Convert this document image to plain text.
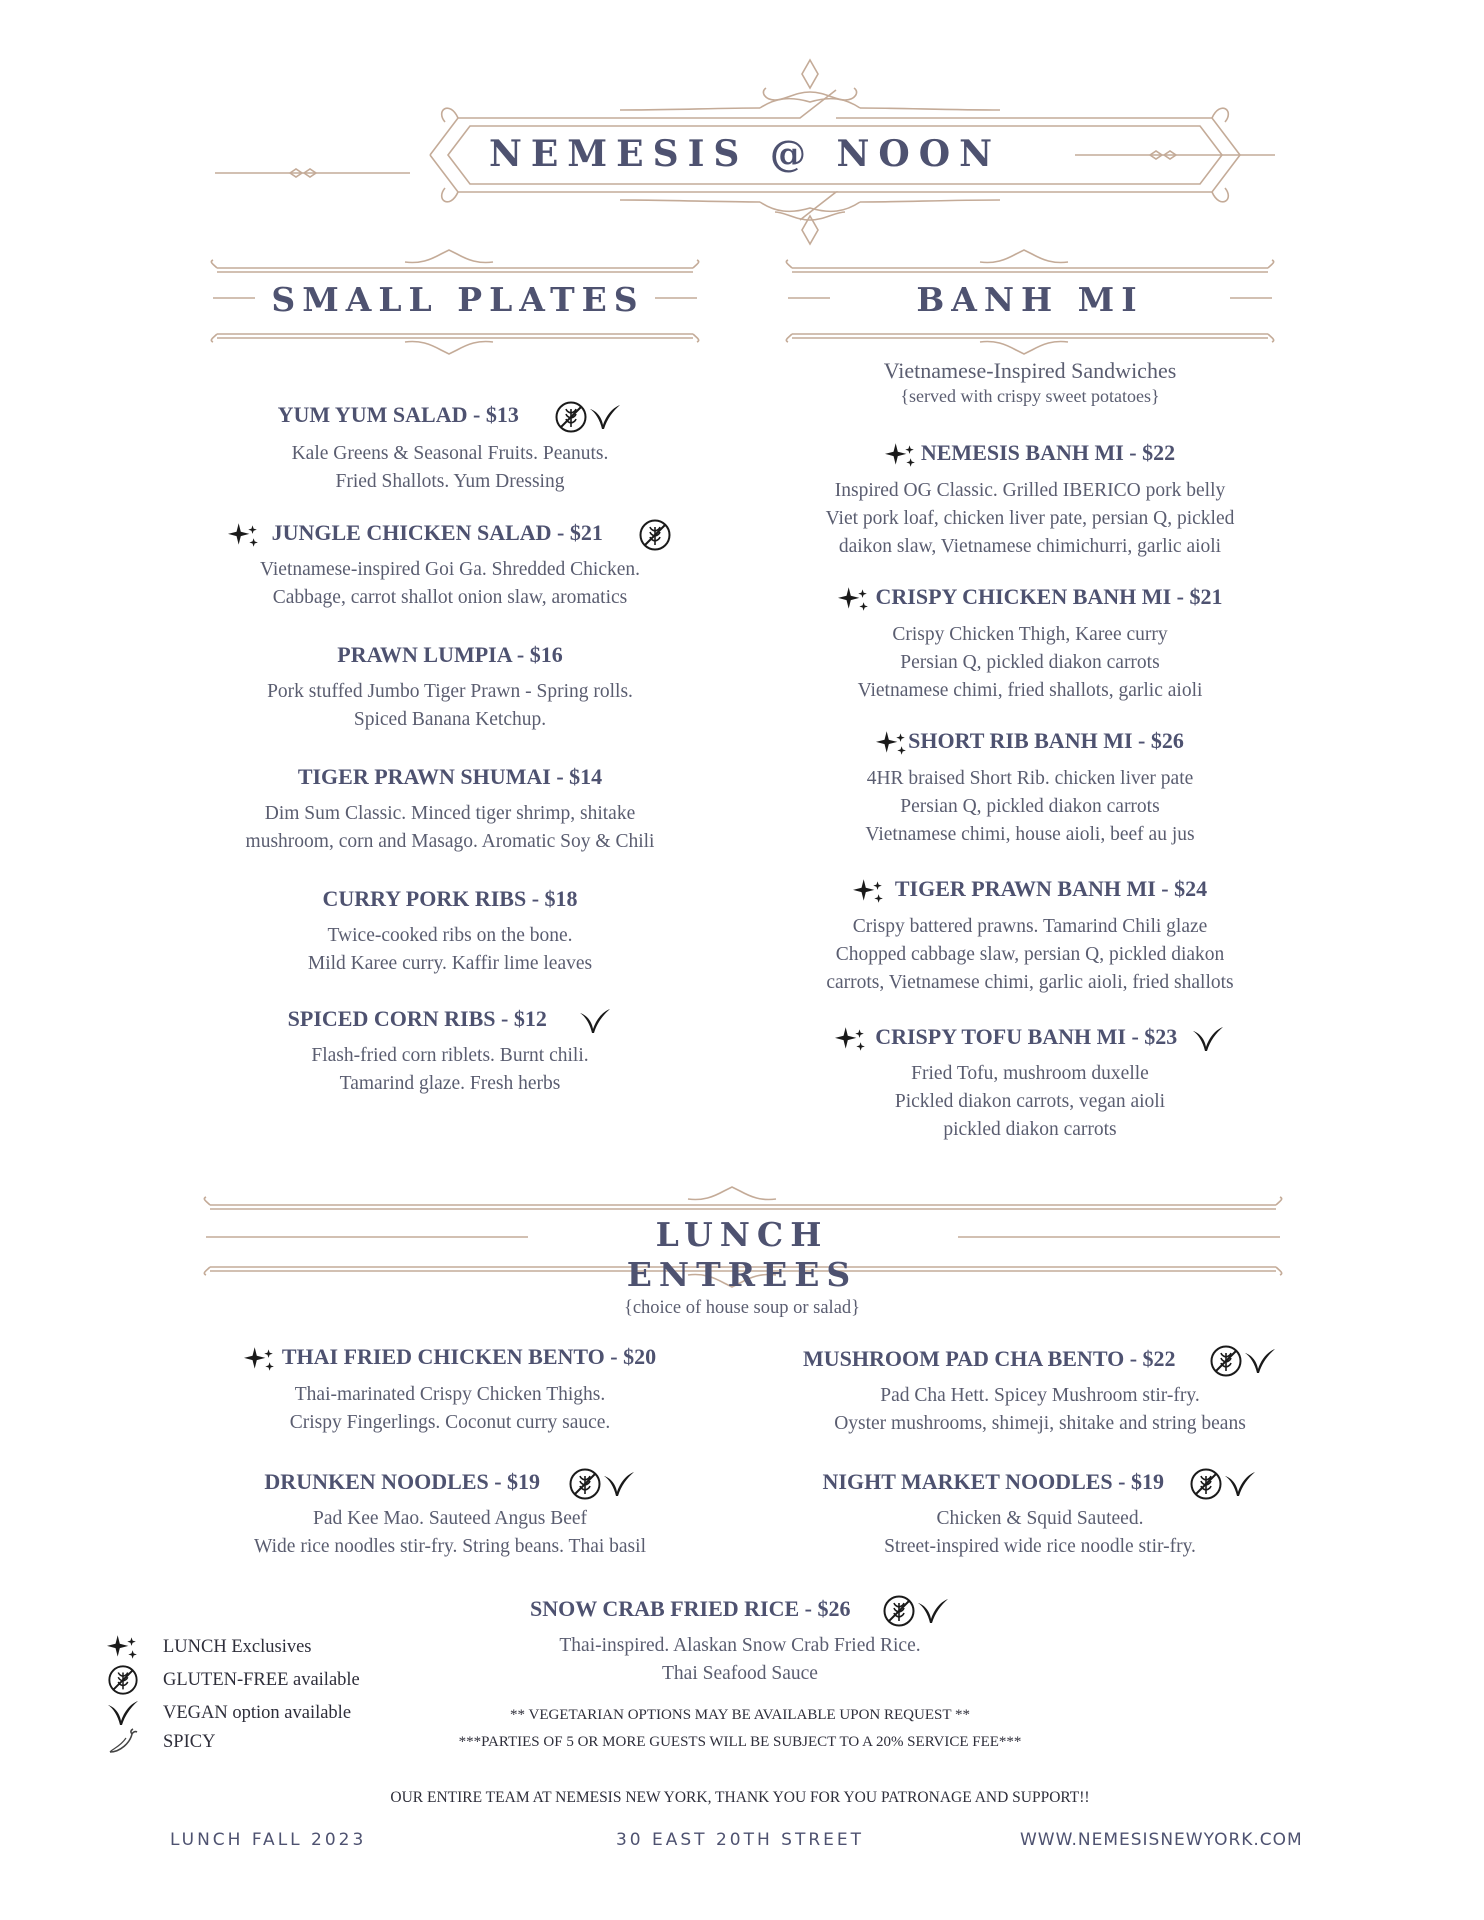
NEMESIS @ NOON
SMALL PLATES	BANH MI
Vietnamese-Inspired Sandwiches
{served with crispy sweet potatoes}
YUM YUM SALAD - $13
Kale Greens & Seasonal Fruits. Peanuts.
Fried Shallots. Yum Dressing
JUNGLE CHICKEN SALAD - $21
Vietnamese-inspired Goi Ga. Shredded Chicken.
Cabbage, carrot shallot onion slaw, aromatics
PRAWN LUMPIA - $16
Pork stuffed Jumbo Tiger Prawn - Spring rolls.
Spiced Banana Ketchup.
TIGER PRAWN SHUMAI - $14
Dim Sum Classic. Minced tiger shrimp, shitake
mushroom, corn and Masago. Aromatic Soy & Chili
CURRY PORK RIBS - $18
Twice-cooked ribs on the bone.
Mild Karee curry. Kaffir lime leaves
SPICED CORN RIBS - $12
Flash-fried corn riblets. Burnt chili.
Tamarind glaze. Fresh herbs
NEMESIS BANH MI - $22
Inspired OG Classic. Grilled IBERICO pork belly
Viet pork loaf, chicken liver pate, persian Q, pickled
daikon slaw, Vietnamese chimichurri, garlic aioli
CRISPY CHICKEN BANH MI - $21
Crispy Chicken Thigh, Karee curry
Persian Q, pickled diakon carrots
Vietnamese chimi, fried shallots, garlic aioli
SHORT RIB BANH MI - $26
4HR braised Short Rib. chicken liver pate
Persian Q, pickled diakon carrots
Vietnamese chimi, house aioli, beef au jus
TIGER PRAWN BANH MI - $24
Crispy battered prawns. Tamarind Chili glaze
Chopped cabbage slaw, persian Q, pickled diakon
carrots, Vietnamese chimi, garlic aioli, fried shallots
CRISPY TOFU BANH MI - $23
Fried Tofu, mushroom duxelle
Pickled diakon carrots, vegan aioli
pickled diakon carrots
LUNCH ENTREES
{choice of house soup or salad}
THAI FRIED CHICKEN BENTO - $20
Thai-marinated Crispy Chicken Thighs.
Crispy Fingerlings. Coconut curry sauce.
MUSHROOM PAD CHA BENTO - $22
Pad Cha Hett. Spicey Mushroom stir-fry.
Oyster mushrooms, shimeji, shitake and string beans
DRUNKEN NOODLES - $19
Pad Kee Mao. Sauteed Angus Beef
Wide rice noodles stir-fry. String beans. Thai basil
NIGHT MARKET NOODLES - $19
Chicken & Squid Sauteed.
Street-inspired wide rice noodle stir-fry.
SNOW CRAB FRIED RICE - $26
Thai-inspired. Alaskan Snow Crab Fried Rice.
Thai Seafood Sauce
LUNCH Exclusives
GLUTEN-FREE available
VEGAN option available
SPICY
** VEGETARIAN OPTIONS MAY BE AVAILABLE UPON REQUEST **
***PARTIES OF 5 OR MORE GUESTS WILL BE SUBJECT TO A 20% SERVICE FEE***
OUR ENTIRE TEAM AT NEMESIS NEW YORK, THANK YOU FOR YOU PATRONAGE AND SUPPORT!!
LUNCH FALL 2023	30 EAST 20TH STREET	WWW.NEMESISNEWYORK.COM
